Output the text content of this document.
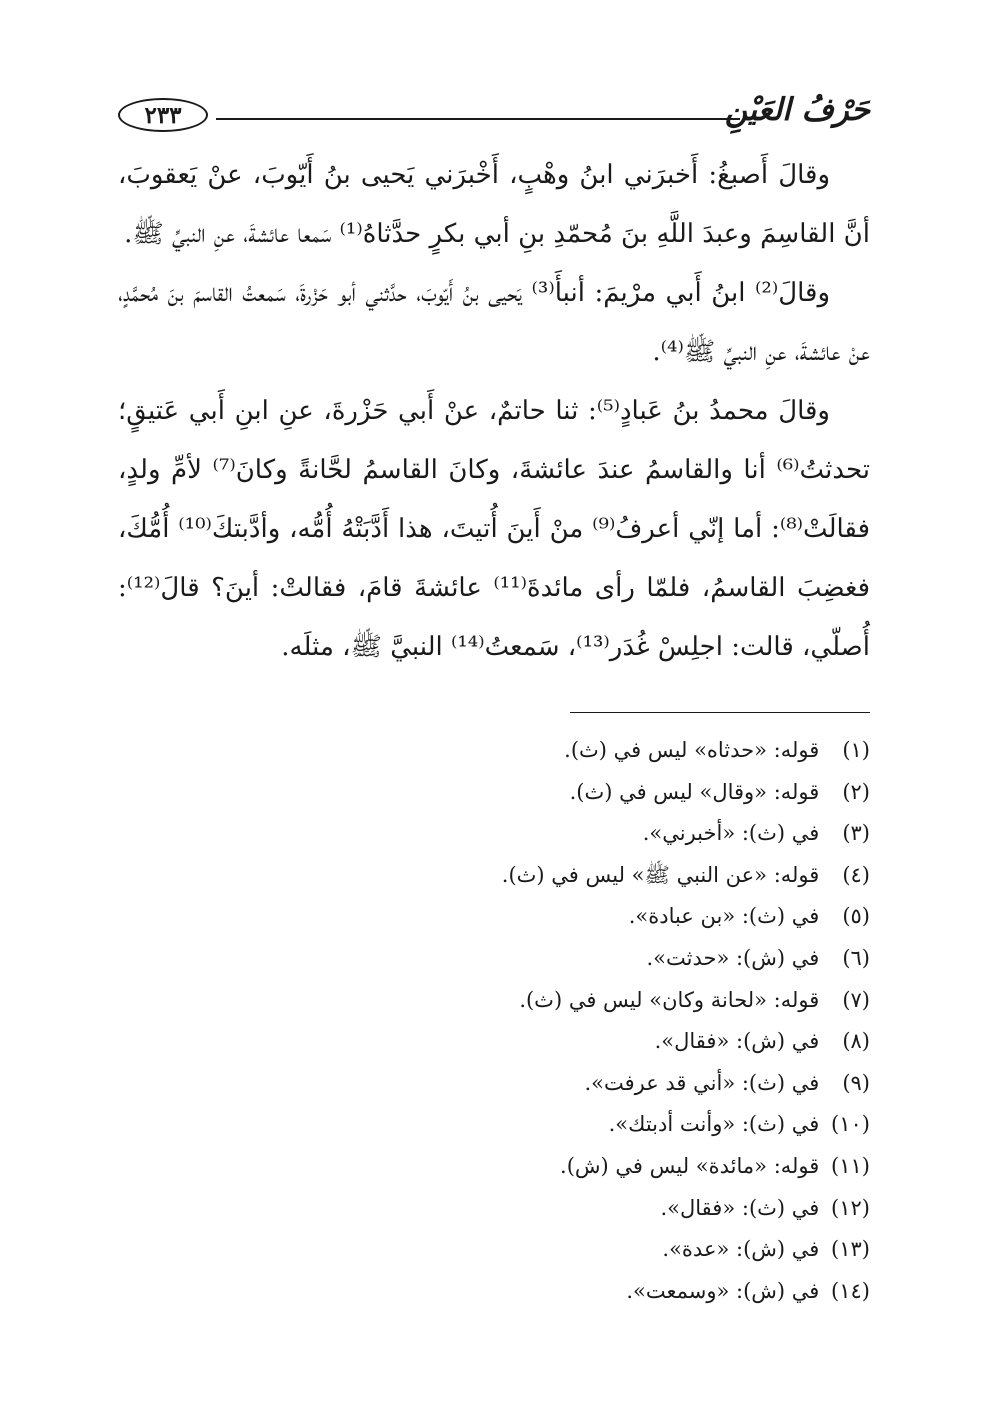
٢٣٣	حَرْفُ العَيْنِ

وقالَ أَصبغُ: أَخبرَني ابنُ وهْبٍ، أَخْبرَني يَحيى بنُ أَيّوبَ، عنْ يَعقوبَ، أنَّ القاسِمَ وعبدَ اللَّهِ بنَ مُحمّدِ بنِ أبي بكرٍ حدَّثاهُ⁽¹⁾ سَمعا عائشةَ، عنِ النبيِّ ﷺ.

وقالَ⁽²⁾ ابنُ أَبي مرْيمَ: أنبأَ⁽³⁾ يَحيى بنُ أَيّوبَ، حدَّثني أبو حَزْرةَ، سَمعتُ القاسمَ بنَ مُحمَّدٍ، عنْ عائشةَ، عنِ النبيِّ ﷺ⁽⁴⁾.

وقالَ محمدُ بنُ عَبادٍ⁽⁵⁾: ثنا حاتمٌ، عنْ أَبي حَزْرةَ، عنِ ابنِ أَبي عَتيقٍ؛ تحدثتُ⁽⁶⁾ أنا والقاسمُ عندَ عائشةَ، وكانَ القاسمُ لحَّانةً وكانَ⁽⁷⁾ لأمِّ ولدٍ، فقالَتْ⁽⁸⁾: أما إنّي أعرفُ⁽⁹⁾ منْ أَينَ أُتيتَ، هذا أَدَّبَتْهُ أُمُّه، وأدَّبتكَ⁽¹⁰⁾ أُمُّكَ، فغضِبَ القاسمُ، فلمّا رأى مائدةَ⁽¹¹⁾ عائشةَ قامَ، فقالتْ: أينَ؟ قالَ⁽¹²⁾: أُصلّي، قالت: اجلِسْ غُدَر⁽¹³⁾، سَمعتُ⁽¹⁴⁾ النبيَّ ﷺ، مثلَه.

(١) قوله: «حدثاه» ليس في (ث).
(٢) قوله: «وقال» ليس في (ث).
(٣) في (ث): «أخبرني».
(٤) قوله: «عن النبي ﷺ» ليس في (ث).
(٥) في (ث): «بن عبادة».
(٦) في (ش): «حدثت».
(٧) قوله: «لحانة وكان» ليس في (ث).
(٨) في (ش): «فقال».
(٩) في (ث): «أني قد عرفت».
(١٠) في (ث): «وأنت أدبتك».
(١١) قوله: «مائدة» ليس في (ش).
(١٢) في (ث): «فقال».
(١٣) في (ش): «عدة».
(١٤) في (ش): «وسمعت».
